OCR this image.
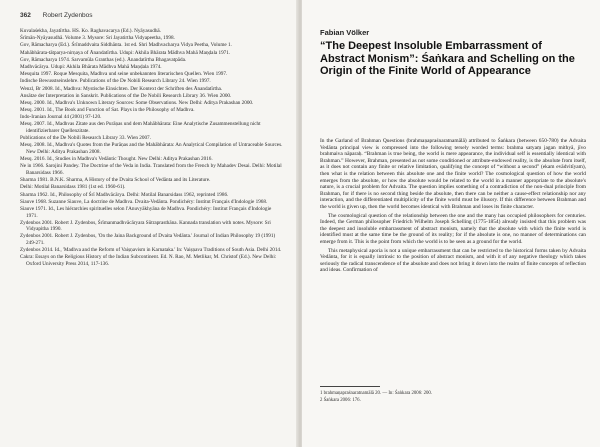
362 Robert Zydenbos
Kuvalaśekha, Jayatīrtha. HS. Ko. Raghavacarya (Ed.). Nyāyasudhā.
Śrīmān-Nyāyasudhā. Volume 3. Mysore: Sri Jayatirtha Vidyapeetha, 1998.
Gov, Rāmacharya (Ed.). Śrīmaddvaita Siddhānta. 1st ed. Shri Madhvacharya Vidya Peetha, Volume 1.
Mahābhārata-tātparya-nirṇaya of Ānandatīrtha. Udupi: Akhila Bhārata Mādhva Mahā Maṇḍala 1971.
Gov, Rāmacharya 1974. Sarvamūla Granthas (ed.). Ānandatīrtha Bhagavatpāda.
Madhvācārya. Udupi: Akhila Bhārata Mādhva Mahā Maṇḍala 1974.
Mesquita 1997. Roque Mesquita, Madhva und seine unbekannten literarischen Quellen. Wien 1997.
Indische Bewusstseinslehre. Publications of the De Nobili Research Library 24. Wien 1997.
Wenzl, Br 2008. Id., Madhva: Mystische Einsichten. Der Kontext der Schriften des Ānandatīrtha.
Ansätze der Interpretation in Sanskrit. Publications of the De Nobili Research Library 36. Wien 2000.
Mesq. 2000. Id., Madhva's Unknown Literary Sources: Some Observations. New Delhi: Aditya Prakashan 2000.
Mesq. 2001. Id., The Book and Function of Sat. Plays in the Philosophy of Madhva.
Indo-Iranian Journal 44 (2001) 97-120.
Mesq. 2007. Id., Madhvas Zitate aus den Purāṇas und dem Mahābhārata: Eine Analytische Zusammenstellung nicht identifizierbarer Quellenzitate.
Publications of the De Nobili Research Library 33. Wien 2007.
Mesq. 2008. Id., Madhva's Quotes from the Purāṇas and the Mahābhārata: An Analytical Compilation of Untraceable Sources. New Delhi: Aditya Prakashan 2008.
Mesq. 2016. Id., Studies in Madhva's Vedāntic Thought. New Delhi: Aditya Prakashan 2016.
Ne in 1966. Sarojini Pandey. The Doctrine of the Veda in India. Translated from the French by Mahadev Desai. Delhi: Motilal Banarsidass 1966.
Sharma 1981. B.N.K. Sharma, A History of the Dvaita School of Vedānta and its Literature.
Delhi: Motilal Banarsidass 1981 (1st ed. 1960-61).
Sharma 1962. Id., Philosophy of Śrī Madhvācārya. Delhi: Motilal Banarsidass 1962, reprinted 1986.
Siauve 1968. Suzanne Siauve, La doctrine de Madhva. Dvaita-Vedānta. Pondichéry: Institut Français d'Indologie 1968.
Siauve 1971. Id., Les hiérarchies spirituelles selon l'Anuvyākhyāna de Madhva. Pondichéry: Institut Français d'Indologie 1971.
Zydenbos 2001. Robert J. Zydenbos, Śrīmanmadhvācāryara Sūtraprasthāna. Kannada translation with notes. Mysore: Sri Vidyapitha 1990.
Zydenbos 2001. Robert J. Zydenbos, 'On the Jaina Background of Dvaita Vedānta.' Journal of Indian Philosophy 19 (1991) 249-271.
Zydenbos 2014. Id., 'Madhva and the Reform of Vaiṣṇavism in Karnataka.' In: Vaiṣṇava Traditions of South Asia. Delhi 2014.
Cakra: Essays on the Religious History of the Indian Subcontinent. Ed. N. Rao, M. Metlikar, M. Christof (Ed.). New Delhi: Oxford University Press 2014, 117-136.
Fabian Völker
“The Deepest Insoluble Embarrassment of Abstract Monism”: Śaṅkara and Schelling on the Origin of the Finite World of Appearance

In the Garland of Brahman Questions (brahmaṇapraśnaratnamālā) attributed to Śaṅkara (between 650-780) the Advaita Vedānta principal view is compressed into the following tersely worded terms: brahma satyaṃ jagan mithyā, jīvo brahmaiva nāparaḥ. “Brahman is true being, the world is mere appearance, the individual self is essentially identical with Brahman.” However, Brahman, presented as not some conditioned or attribute-endowed reality, is the absolute from itself, as it does not contain any finite or relative limitation, qualifying the concept of “without a second” (ekam evādvitīyam), then what is the relation between this absolute one and the finite world? The cosmological question of how the world emerges from the absolute, or how the absolute would be related to the world in a manner appropriate to the absolute's nature, is a crucial problem for Advaita. The question implies something of a contradiction of the non-dual principle from Brahman, for if there is no second thing beside the absolute, then there can be neither a cause-effect relationship nor any interaction, and the differentiated multiplicity of the finite world must be illusory. If this difference between Brahman and the world is given up, then the world becomes identical with Brahman and loses its finite character.

The cosmological question of the relationship between the one and the many has occupied philosophers for centuries. Indeed, the German philosopher Friedrich Wilhelm Joseph Schelling (1775-1854) already insisted that this problem was the deepest and insoluble embarrassment of abstract monism, namely that the absolute with which the finite world is identified must at the same time be the ground of its reality; for if the absolute is one, no manner of determinations can emerge from it. This is the point from which the world is to be seen as a ground for the world.

This metaphysical aporia is not a unique embarrassment that can be restricted to the historical forms taken by Advaita Vedānta, for it is equally intrinsic to the position of abstract monism, and with it of any negative theology which takes seriously the radical transcendence of the absolute and does not bring it down into the realm of finite concepts of reflection and ideas. Confirmation of

1 brahmaṇapraśnaratnamālā 20. — In: Śaṅkara 2006: 200.
2 Śaṅkara 2006: 176.
